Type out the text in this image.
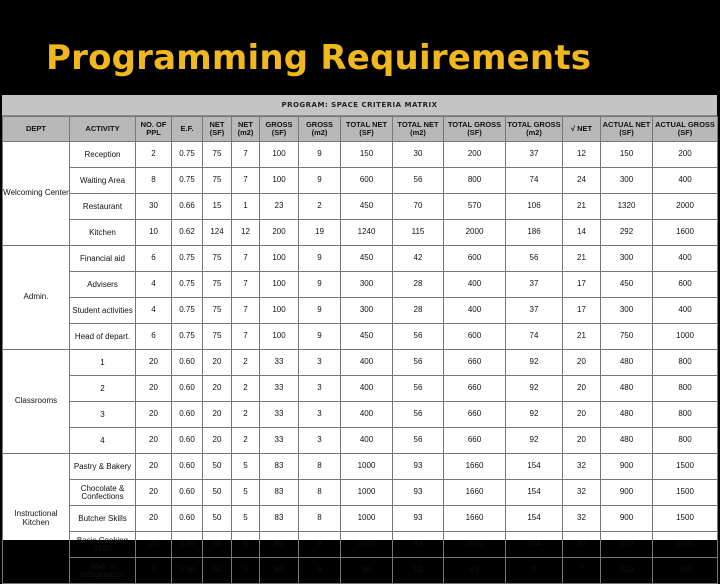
Programming Requirements
PROGRAM: SPACE CRITERIA MATRIX
DEPT	ACTIVITY	NO. OF PPL	E.F.	NET (SF)	NET (m2)	GROSS (SF)	GROSS (m2)	TOTAL NET (SF)	TOTAL NET (m2)	TOTAL GROSS (SF)	TOTAL GROSS (m2)	√ NET	ACTUAL NET (SF)	ACTUAL GROSS (SF)
Welcoming Center	Reception	2	0.75	75	7	100	9	150	30	200	37	12	150	200
	Waiting Area	8	0.75	75	7	100	9	600	56	800	74	24	300	400
	Restaurant	30	0.66	15	1	23	2	450	70	570	106	21	1320	2000
	Kitchen	10	0.62	124	12	200	19	1240	115	2000	186	14	292	1600
Admin.	Financial aid	6	0.75	75	7	100	9	450	42	600	56	21	300	400
	Advisers	4	0.75	75	7	100	9	300	28	400	37	17	450	600
	Student activities	4	0.75	75	7	100	9	300	28	400	37	17	300	400
	Head of depart.	6	0.75	75	7	100	9	450	56	600	74	21	750	1000
Classrooms	1	20	0.60	20	2	33	3	400	56	660	92	20	480	800
	2	20	0.60	20	2	33	3	400	56	660	92	20	480	800
	3	20	0.60	20	2	33	3	400	56	660	92	20	480	800
	4	20	0.60	20	2	33	3	400	56	660	92	20	480	800
Instructional Kitchen	Pastry & Bakery	20	0.60	50	5	83	8	1000	93	1660	154	32	900	1500
	Chocolate & Confections	20	0.60	50	5	83	8	1000	93	1660	154	32	900	1500
	Butcher Skills	20	0.60	50	5	83	8	1000	93	1660	154	32	900	1500
	Basic Cooking Skills	20	0.60	50	5	83	8	1000	93	1660	154	32	900	1500
	Walk in refrigerators	1	0.60	50	5	83	8	80	12	83	8	7	120	200
